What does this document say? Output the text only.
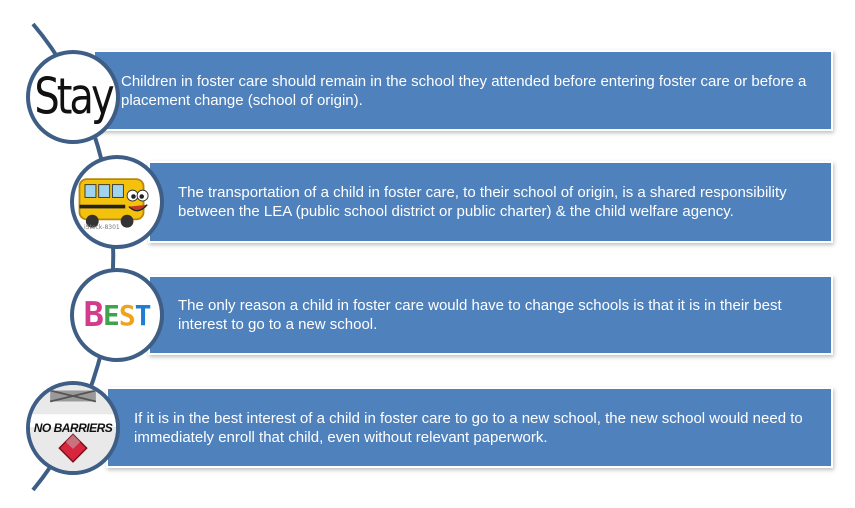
Children in foster care should remain in the school they attended before entering foster care or before a placement change (school of origin).

Stay

The transportation of a child in foster care, to their school of origin, is a shared responsibility between the LEA (public school district or public charter) & the child welfare agency.

iStock-8301

The only reason a child in foster care would have to change schools is that it is in their best interest to go to a new school.

B E S T

If it is in the best interest of a child in foster care to go to a new school, the new school would need to immediately enroll that child, even without relevant paperwork.

NO BARRIERS
